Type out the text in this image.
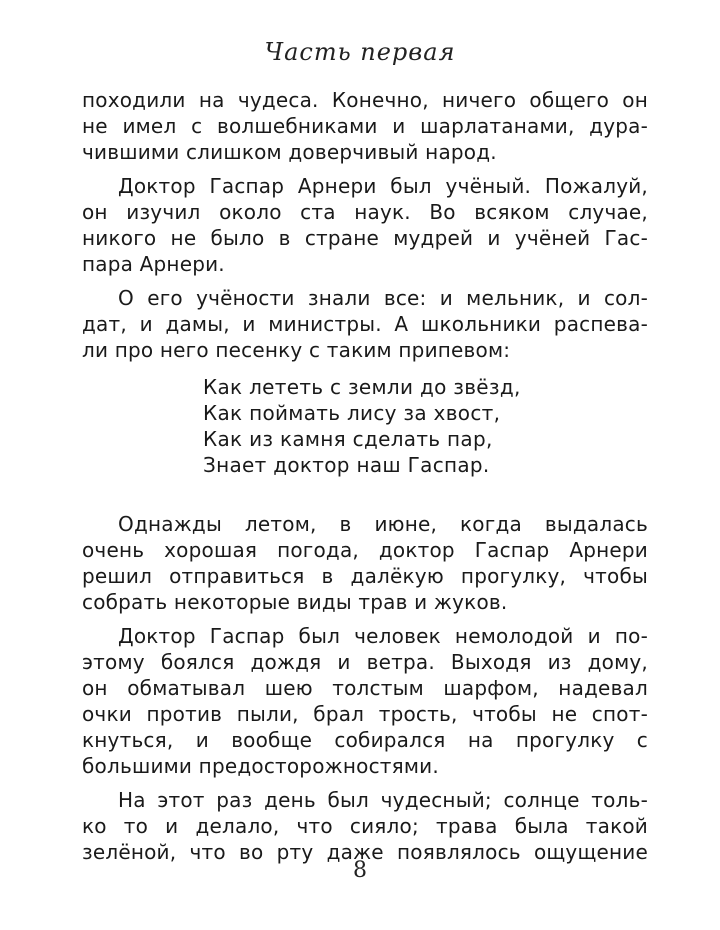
Часть первая
походили на чудеса. Конечно, ничего общего он
не имел с волшебниками и шарлатанами, дура-
чившими слишком доверчивый народ.
Доктор Гаспар Арнери был учёный. Пожалуй,
он изучил около ста наук. Во всяком случае,
никого не было в стране мудрей и учёней Гас-
пара Арнери.
О его учёности знали все: и мельник, и сол-
дат, и дамы, и министры. А школьники распева-
ли про него песенку с таким припевом:
Как лететь с земли до звёзд,
Как поймать лису за хвост,
Как из камня сделать пар,
Знает доктор наш Гаспар.
Однажды летом, в июне, когда выдалась
очень хорошая погода, доктор Гаспар Арнери
решил отправиться в далёкую прогулку, чтобы
собрать некоторые виды трав и жуков.
Доктор Гаспар был человек немолодой и по-
этому боялся дождя и ветра. Выходя из дому,
он обматывал шею толстым шарфом, надевал
очки против пыли, брал трость, чтобы не спот-
кнуться, и вообще собирался на прогулку с
большими предосторожностями.
На этот раз день был чудесный; солнце толь-
ко то и делало, что сияло; трава была такой
зелёной, что во рту даже появлялось ощущение
8
